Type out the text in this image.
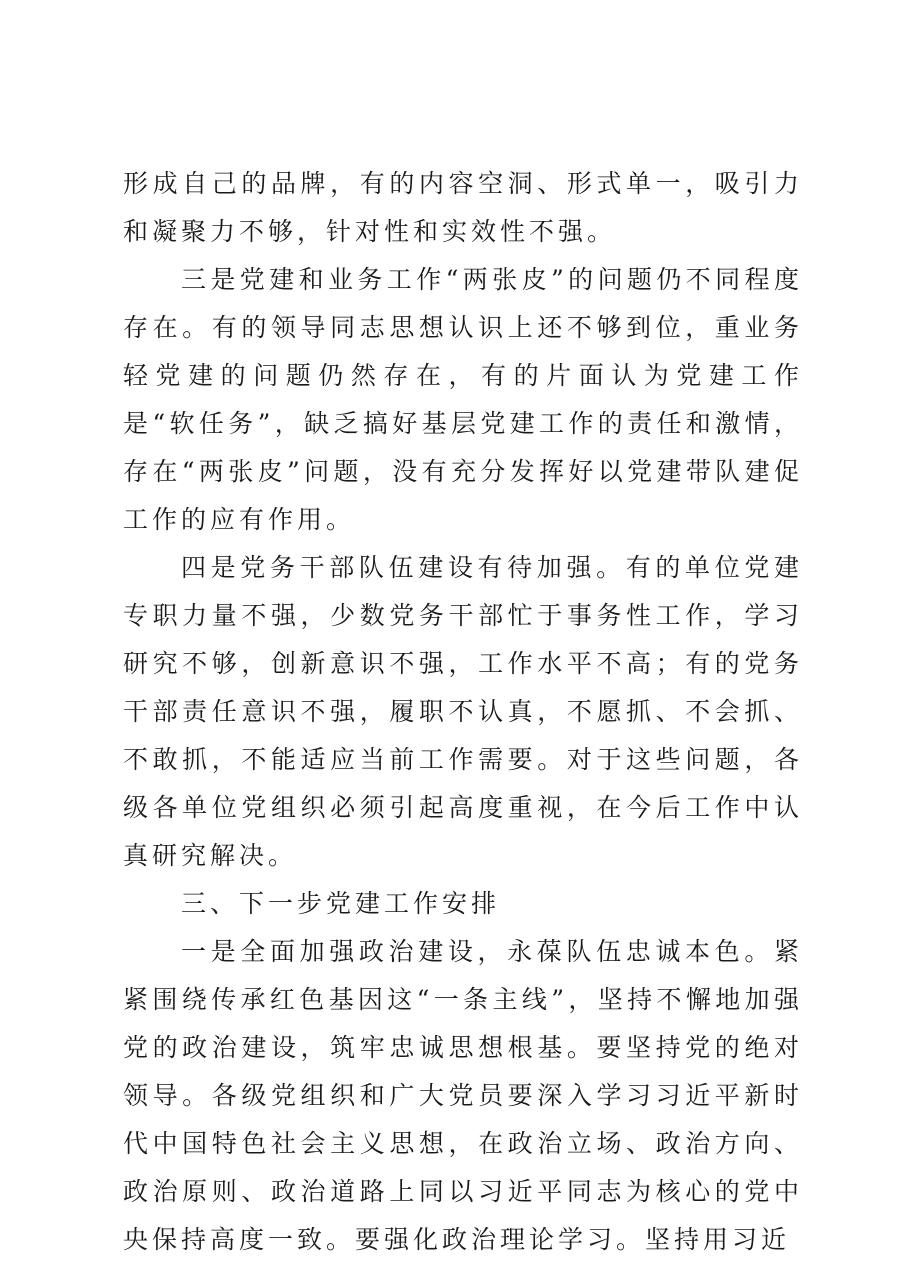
形成自己的品牌，有的内容空洞、形式单一，吸引力和凝聚力不够，针对性和实效性不强。

三是党建和业务工作“两张皮”的问题仍不同程度存在。有的领导同志思想认识上还不够到位，重业务轻党建的问题仍然存在，有的片面认为党建工作是“软任务”，缺乏搞好基层党建工作的责任和激情，存在“两张皮”问题，没有充分发挥好以党建带队建促工作的应有作用。

四是党务干部队伍建设有待加强。有的单位党建专职力量不强，少数党务干部忙于事务性工作，学习研究不够，创新意识不强，工作水平不高；有的党务干部责任意识不强，履职不认真，不愿抓、不会抓、不敢抓，不能适应当前工作需要。对于这些问题，各级各单位党组织必须引起高度重视，在今后工作中认真研究解决。

三、下一步党建工作安排

一是全面加强政治建设，永葆队伍忠诚本色。紧紧围绕传承红色基因这“一条主线”，坚持不懈地加强党的政治建设，筑牢忠诚思想根基。要坚持党的绝对领导。各级党组织和广大党员要深入学习习近平新时代中国特色社会主义思想，在政治立场、政治方向、政治原则、政治道路上同以习近平同志为核心的党中央保持高度一致。要强化政治理论学习。坚持用习近
